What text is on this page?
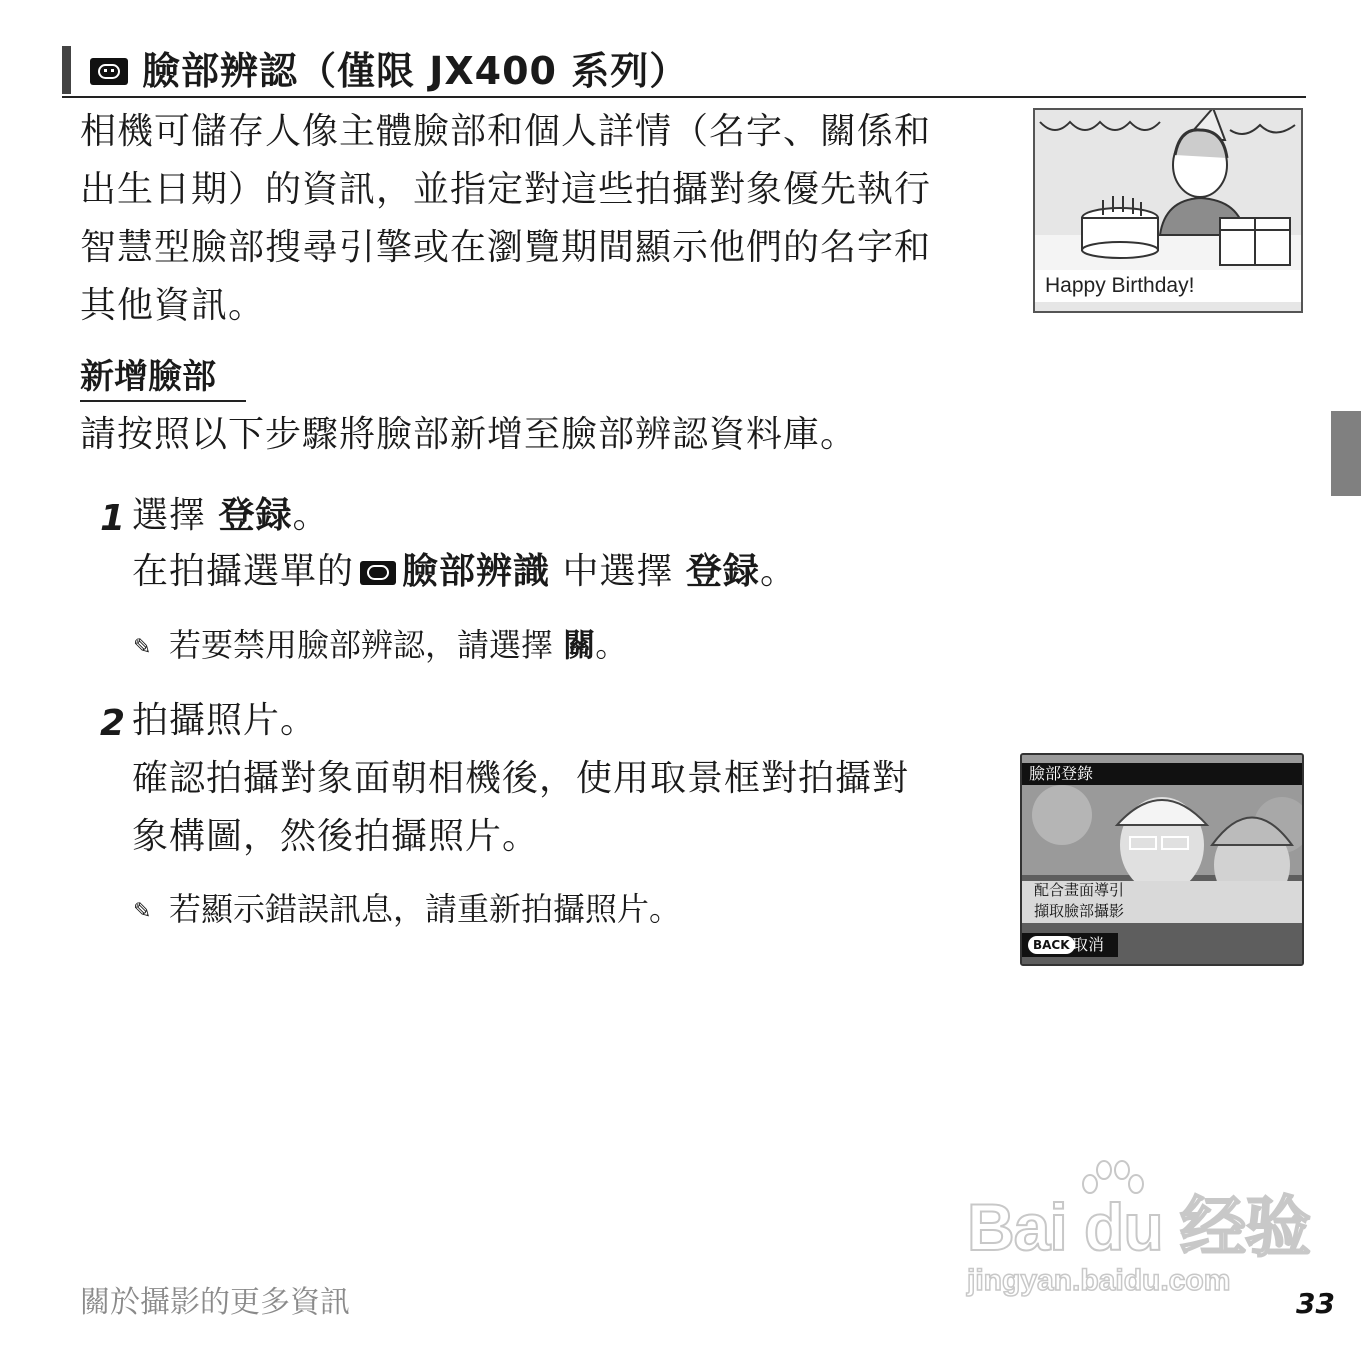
臉部辨認（僅限 JX400 系列）
相機可儲存人像主體臉部和個人詳情（名字、關係和
出生日期）的資訊，並指定對這些拍攝對象優先執行
智慧型臉部搜尋引擎或在瀏覽期間顯示他們的名字和
其他資訊。	Happy Birthday!
新增臉部
請按照以下步驟將臉部新增至臉部辨認資料庫。
1 選擇 登録。
在拍攝選單的 臉部辨識 中選擇 登録。
✎ 若要禁用臉部辨認，請選擇 關。
2 拍攝照片。
確認拍攝對象面朝相機後，使用取景框對拍攝對
象構圖，然後拍攝照片。
✎ 若顯示錯誤訊息，請重新拍攝照片。
臉部登錄
配合畫面導引
擷取臉部攝影
BACK 取消
Bai du 经验
jingyan.baidu.com
關於攝影的更多資訊	33
